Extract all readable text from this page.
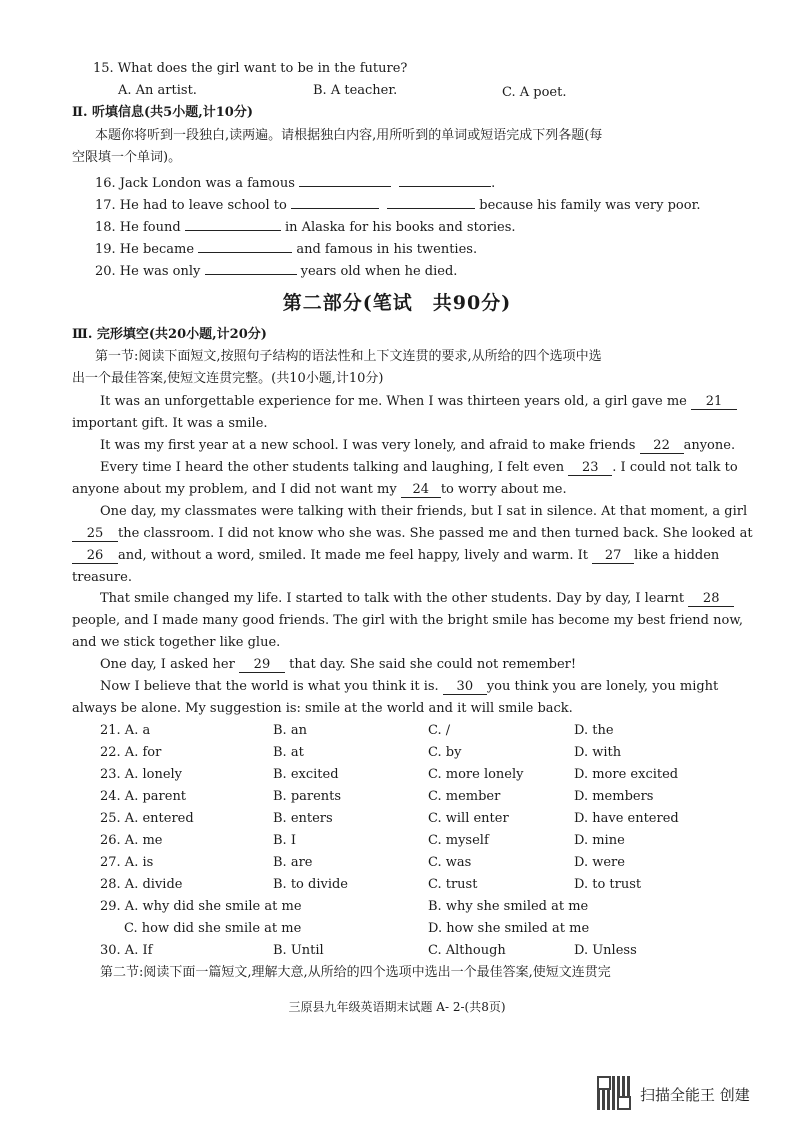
15. What does the girl want to be in the future?
A. An artist.	B. A teacher.	C. A poet.
Ⅱ. 听填信息(共5小题,计10分)
本题你将听到一段独白,读两遍。请根据独白内容,用所听到的单词或短语完成下列各题(每
空限填一个单词)。
16. Jack London was a famous	.
17. He had to leave school to	because his family was very poor.
18. He found	in Alaska for his books and stories.
19. He became	and famous in his twenties.
20. He was only	years old when he died.
第二部分(笔试　共90分)
Ⅲ. 完形填空(共20小题,计20分)
第一节:阅读下面短文,按照句子结构的语法性和上下文连贯的要求,从所给的四个选项中选
出一个最佳答案,使短文连贯完整。(共10小题,计10分)
It was an unforgettable experience for me. When I was thirteen years old, a girl gave me 21
important gift. It was a smile.
It was my first year at a new school. I was very lonely, and afraid to make friends 22 anyone.
Every time I heard the other students talking and laughing, I felt even 23 . I could not talk to
anyone about my problem, and I did not want my 24 to worry about me.
One day, my classmates were talking with their friends, but I sat in silence. At that moment, a girl
25 the classroom. I did not know who she was. She passed me and then turned back. She looked at
26 and, without a word, smiled. It made me feel happy, lively and warm. It 27 like a hidden
treasure.
That smile changed my life. I started to talk with the other students. Day by day, I learnt 28
people, and I made many good friends. The girl with the bright smile has become my best friend now,
and we stick together like glue.
One day, I asked her 29 that day. She said she could not remember!
Now I believe that the world is what you think it is. 30 you think you are lonely, you might
always be alone. My suggestion is: smile at the world and it will smile back.
21. A. a	B. an	C. /	D. the
22. A. for	B. at	C. by	D. with
23. A. lonely	B. excited	C. more lonely	D. more excited
24. A. parent	B. parents	C. member	D. members
25. A. entered	B. enters	C. will enter	D. have entered
26. A. me	B. I	C. myself	D. mine
27. A. is	B. are	C. was	D. were
28. A. divide	B. to divide	C. trust	D. to trust
29. A. why did she smile at me	B. why she smiled at me
C. how did she smile at me	D. how she smiled at me
30. A. If	B. Until	C. Although	D. Unless
第二节:阅读下面一篇短文,理解大意,从所给的四个选项中选出一个最佳答案,使短文连贯完
三原县九年级英语期末试题 A- 2-(共8页)
扫描全能王 创建
